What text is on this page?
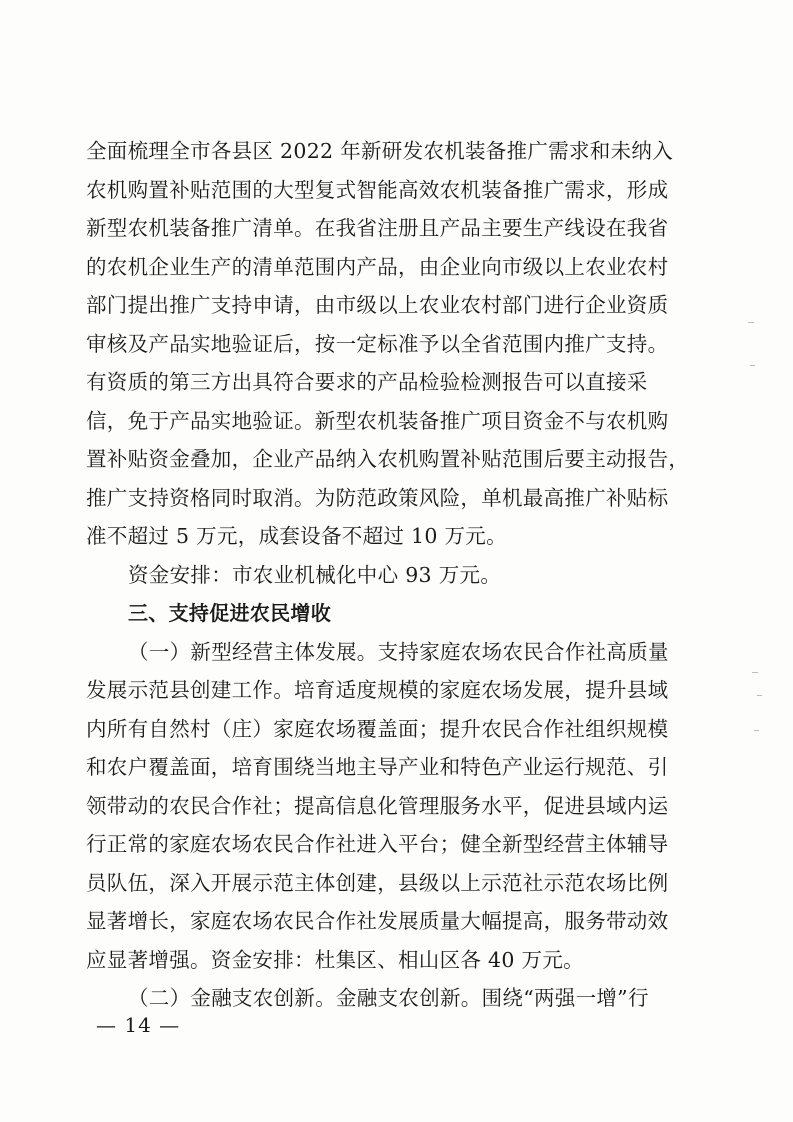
全面梳理全市各县区 2022 年新研发农机装备推广需求和未纳入
农机购置补贴范围的大型复式智能高效农机装备推广需求，形成
新型农机装备推广清单。在我省注册且产品主要生产线设在我省
的农机企业生产的清单范围内产品，由企业向市级以上农业农村
部门提出推广支持申请，由市级以上农业农村部门进行企业资质
审核及产品实地验证后，按一定标准予以全省范围内推广支持。
有资质的第三方出具符合要求的产品检验检测报告可以直接采
信，免于产品实地验证。新型农机装备推广项目资金不与农机购
置补贴资金叠加，企业产品纳入农机购置补贴范围后要主动报告，
推广支持资格同时取消。为防范政策风险，单机最高推广补贴标
准不超过 5 万元，成套设备不超过 10 万元。
资金安排：市农业机械化中心 93 万元。
三、支持促进农民增收
（一）新型经营主体发展。支持家庭农场农民合作社高质量
发展示范县创建工作。培育适度规模的家庭农场发展，提升县域
内所有自然村（庄）家庭农场覆盖面；提升农民合作社组织规模
和农户覆盖面，培育围绕当地主导产业和特色产业运行规范、引
领带动的农民合作社；提高信息化管理服务水平，促进县域内运
行正常的家庭农场农民合作社进入平台；健全新型经营主体辅导
员队伍，深入开展示范主体创建，县级以上示范社示范农场比例
显著增长，家庭农场农民合作社发展质量大幅提高，服务带动效
应显著增强。资金安排：杜集区、相山区各 40 万元。
（二）金融支农创新。金融支农创新。围绕“两强一增”行
— 14 —
